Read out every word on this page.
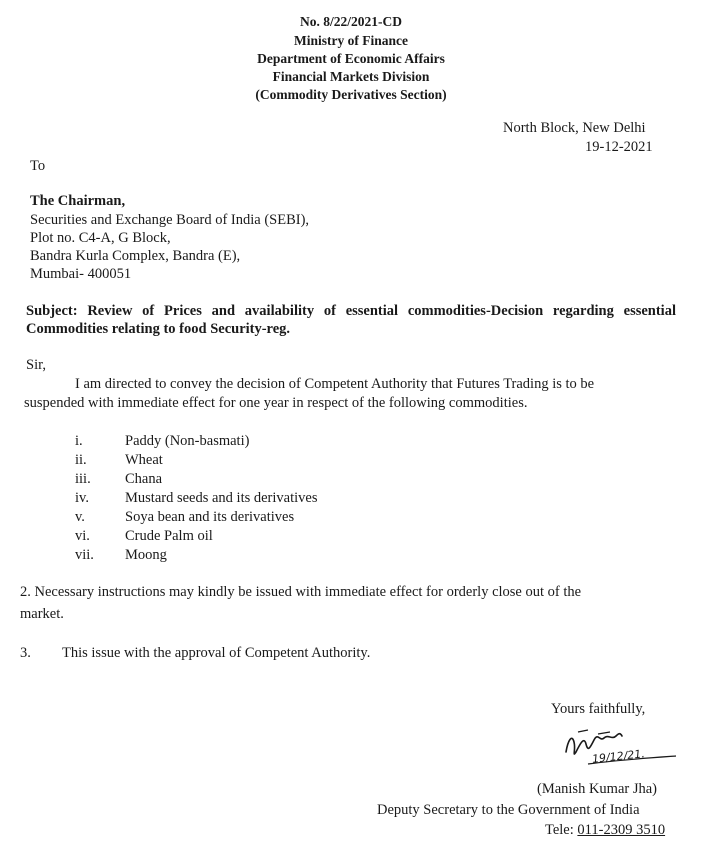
No. 8/22/2021-CD
Ministry of Finance
Department of Economic Affairs
Financial Markets Division
(Commodity Derivatives Section)
North Block, New Delhi
19-12-2021
To
The Chairman,
Securities and Exchange Board of India (SEBI),
Plot no. C4-A, G Block,
Bandra Kurla Complex, Bandra (E),
Mumbai- 400051
Subject: Review of Prices and availability of essential commodities-Decision regarding essential Commodities relating to food Security-reg.
Sir,
I am directed to convey the decision of Competent Authority that Futures Trading is to be
suspended with immediate effect for one year in respect of the following commodities.
i.	Paddy (Non-basmati)
ii.	Wheat
iii.	Chana
iv.	Mustard seeds and its derivatives
v.	Soya bean and its derivatives
vi.	Crude Palm oil
vii.	Moong
2. Necessary instructions may kindly be issued with immediate effect for orderly close out of the
market.
3. This issue with the approval of Competent Authority.
Yours faithfully,
19/12/21.
(Manish Kumar Jha)
Deputy Secretary to the Government of India
Tele: 011-2309 3510
